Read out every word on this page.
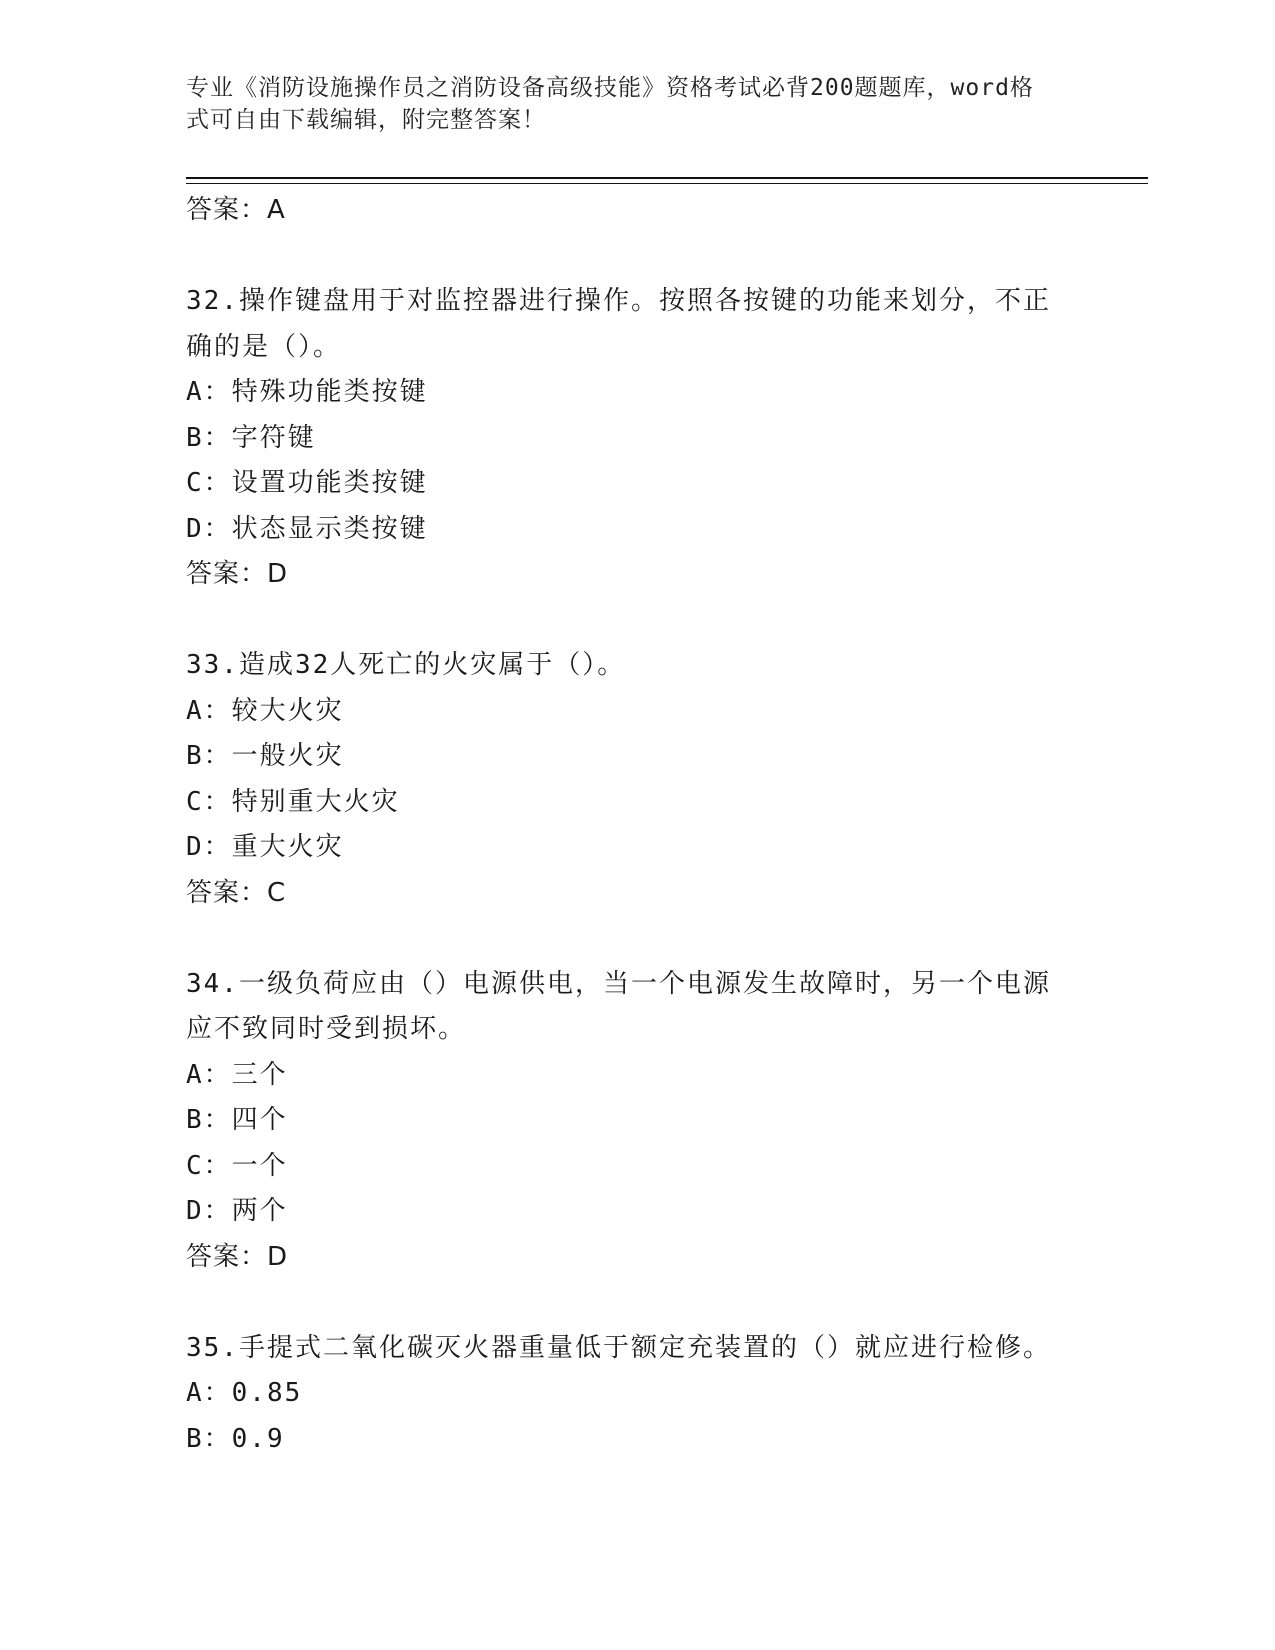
专业《消防设施操作员之消防设备高级技能》资格考试必背200题题库，word格
式可自由下载编辑，附完整答案！
答案：A
32.操作键盘用于对监控器进行操作。按照各按键的功能来划分，不正
确的是（）。
A：特殊功能类按键
B：字符键
C：设置功能类按键
D：状态显示类按键
答案：D
33.造成32人死亡的火灾属于（）。
A：较大火灾
B：一般火灾
C：特别重大火灾
D：重大火灾
答案：C
34.一级负荷应由（）电源供电，当一个电源发生故障时，另一个电源
应不致同时受到损坏。
A：三个
B：四个
C：一个
D：两个
答案：D
35.手提式二氧化碳灭火器重量低于额定充装置的（）就应进行检修。
A：0.85
B：0.9
